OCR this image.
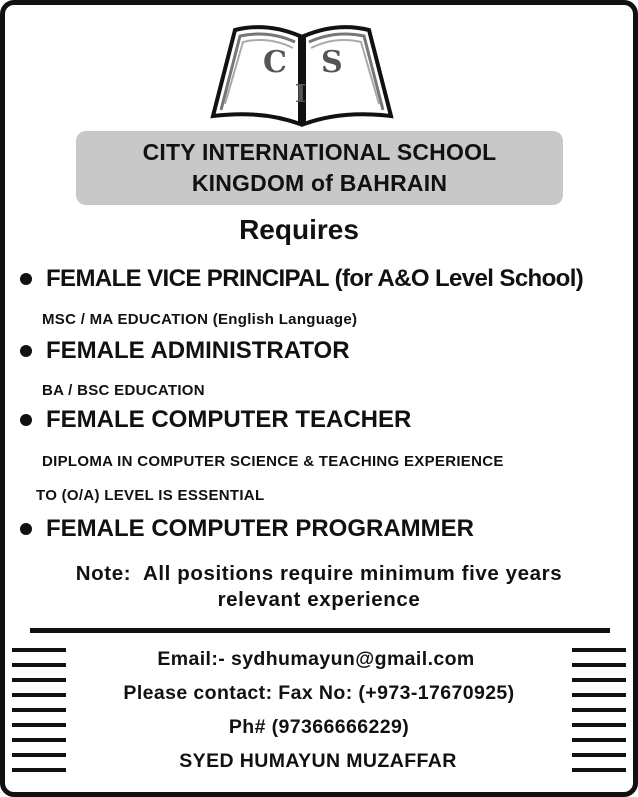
C S
I
CITY INTERNATIONAL SCHOOL
KINGDOM of BAHRAIN
Requires
FEMALE VICE PRINCIPAL (for A&O Level School)
MSC / MA EDUCATION (English Language)
FEMALE ADMINISTRATOR
BA / BSC EDUCATION
FEMALE COMPUTER TEACHER
DIPLOMA IN COMPUTER SCIENCE & TEACHING EXPERIENCE
TO (O/A) LEVEL IS ESSENTIAL
FEMALE COMPUTER PROGRAMMER
Note:  All positions require minimum five years
relevant experience
Email:- sydhumayun@gmail.com
Please contact: Fax No: (+973-17670925)
Ph# (97366666229)
SYED HUMAYUN MUZAFFAR
